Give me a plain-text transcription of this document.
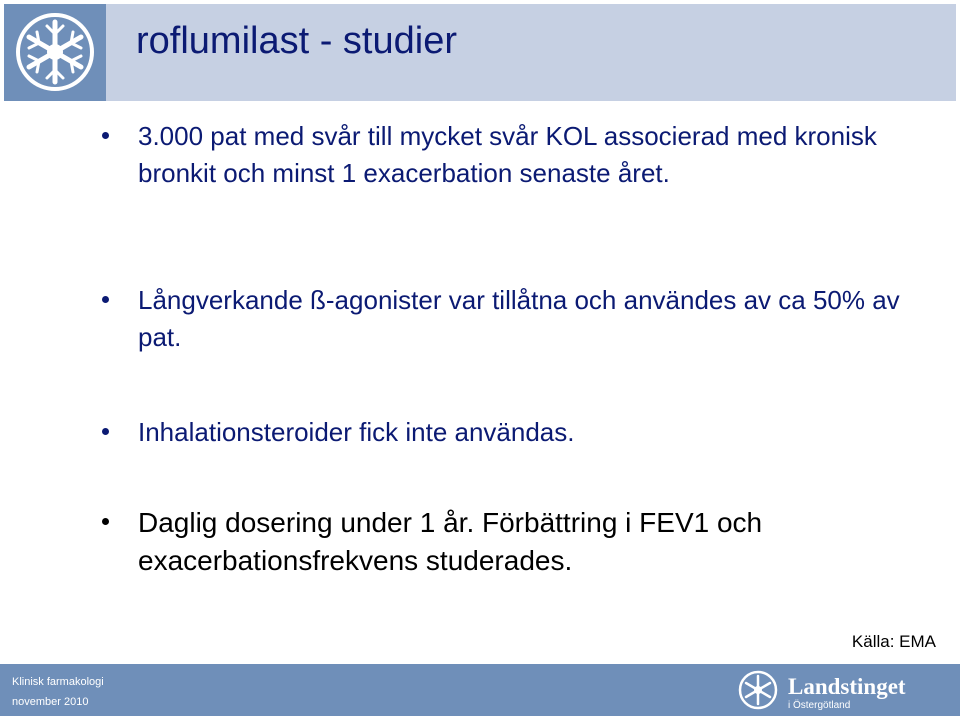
roflumilast - studier
3.000 pat med svår till mycket svår KOL associerad med kronisk bronkit och minst 1 exacerbation senaste året.
Långverkande ß-agonister var tillåtna och användes av ca 50% av pat.
Inhalationsteroider fick inte användas.
Daglig dosering under 1 år. Förbättring i FEV1 och exacerbationsfrekvens studerades.
Källa: EMA
Klinisk farmakologi
november 2010
Landstinget
i Östergötland
